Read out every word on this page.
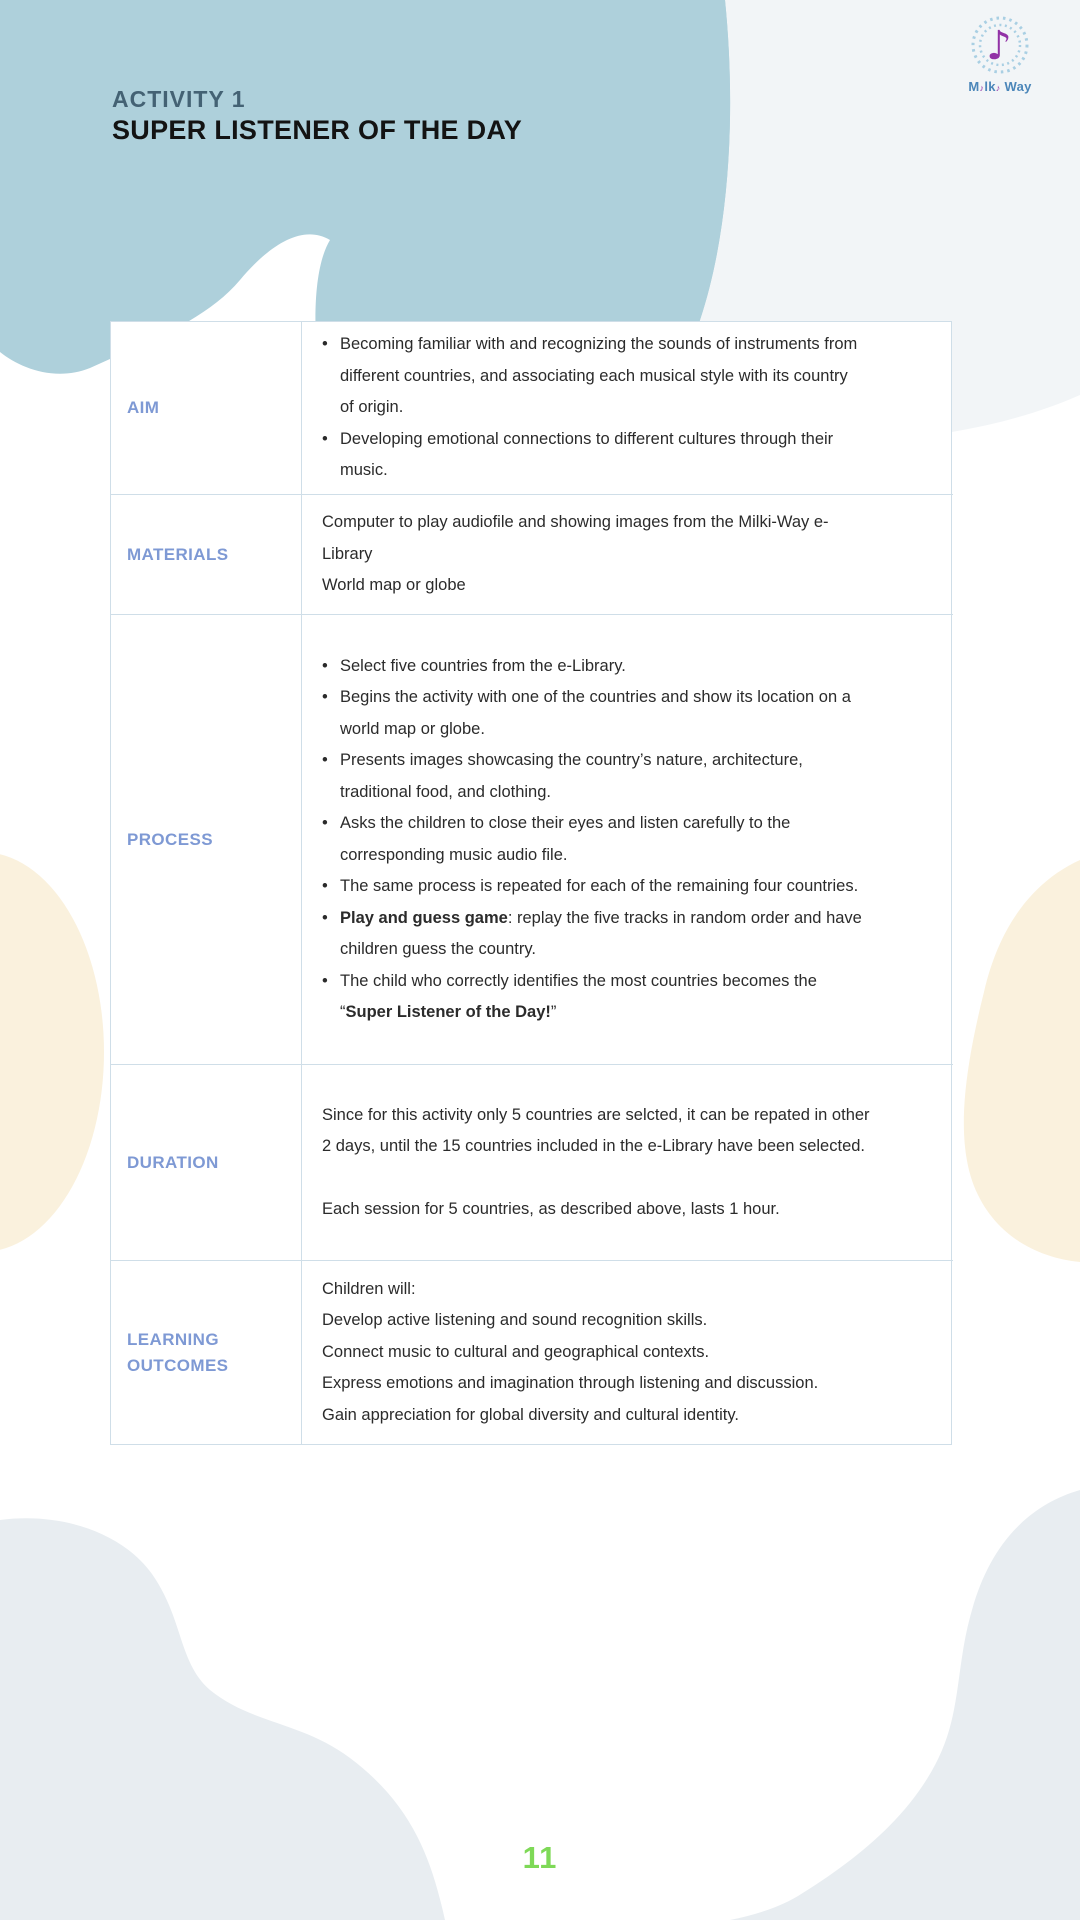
ACTIVITY 1
SUPER LISTENER OF THE DAY
♪
M♪lk♪ Way
AIM
• Becoming familiar with and recognizing the sounds of instruments from
different countries, and associating each musical style with its country
of origin.
• Developing emotional connections to different cultures through their
music.
MATERIALS
Computer to play audiofile and showing images from the Milki-Way e-
Library
World map or globe
PROCESS
• Select five countries from the e-Library.
• Begins the activity with one of the countries and show its location on a
world map or globe.
• Presents images showcasing the country’s nature, architecture,
traditional food, and clothing.
• Asks the children to close their eyes and listen carefully to the
corresponding music audio file.
• The same process is repeated for each of the remaining four countries.
• Play and guess game: replay the five tracks in random order and have
children guess the country.
• The child who correctly identifies the most countries becomes the
“Super Listener of the Day!”
DURATION

Since for this activity only 5 countries are selcted, it can be repated in other
2 days, until the 15 countries included in the e-Library have been selected.

Each session for 5 countries, as described above, lasts 1 hour.

LEARNING OUTCOMES
Children will:
Develop active listening and sound recognition skills.
Connect music to cultural and geographical contexts.
Express emotions and imagination through listening and discussion.
Gain appreciation for global diversity and cultural identity.
11
